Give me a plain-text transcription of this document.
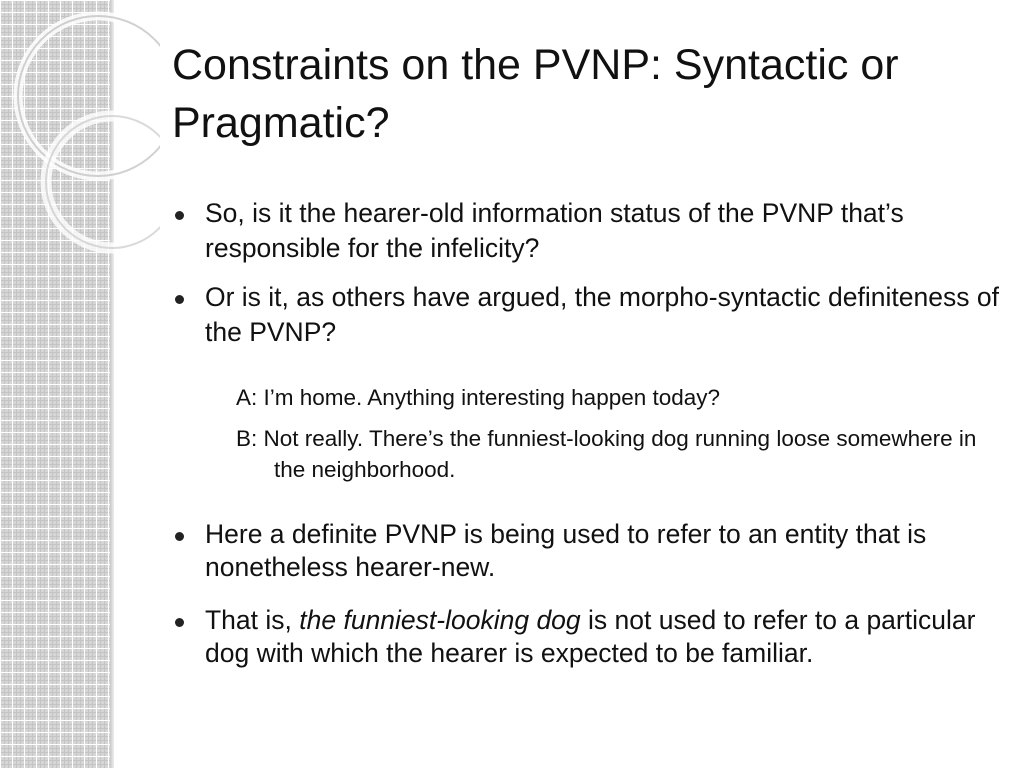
Constraints on the PVNP: Syntactic or Pragmatic?
So, is it the hearer-old information status of the PVNP that’s responsible for the infelicity?
Or is it, as others have argued, the morpho-syntactic definiteness of the PVNP?
A: I’m home. Anything interesting happen today?
B: Not really. There’s the funniest-looking dog running loose somewhere in the neighborhood.
Here a definite PVNP is being used to refer to an entity that is nonetheless hearer-new.
That is, the funniest-looking dog is not used to refer to a particular dog with which the hearer is expected to be familiar.
